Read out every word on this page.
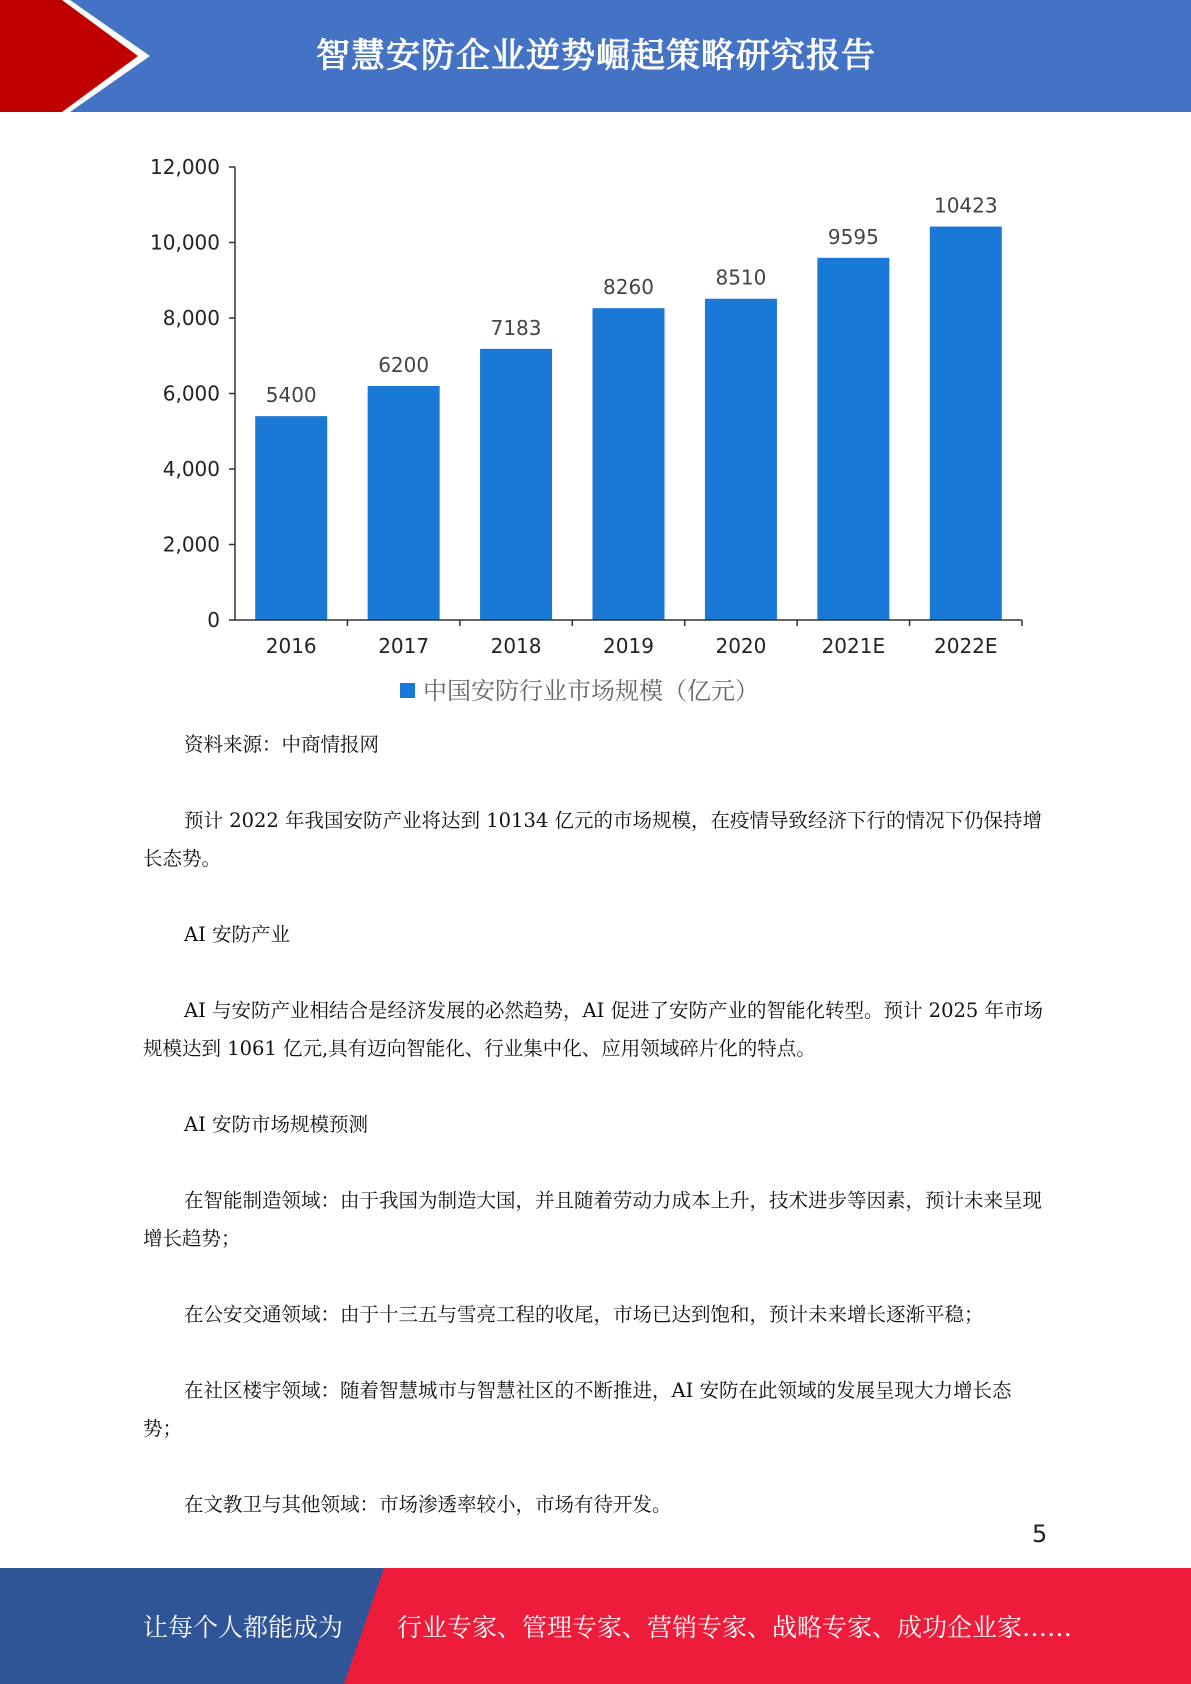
智慧安防企业逆势崛起策略研究报告
0
2,000
4,000
6,000
8,000
10,000
12,000
5400
6200
7183
8260	8510
9595
10423
2016	2017	2018	2019	2020	2021E 2022E
中国安防行业市场规模（亿元）
资料来源：中商情报网
预计 2022 年我国安防产业将达到 10134 亿元的市场规模，在疫情导致经济下行的情况下仍保持增长态势。
AI 安防产业
AI 与安防产业相结合是经济发展的必然趋势，AI 促进了安防产业的智能化转型。预计 2025 年市场规模达到 1061 亿元,具有迈向智能化、行业集中化、应用领域碎片化的特点。
AI 安防市场规模预测
在智能制造领域：由于我国为制造大国，并且随着劳动力成本上升，技术进步等因素，预计未来呈现增长趋势；
在公安交通领域：由于十三五与雪亮工程的收尾，市场已达到饱和，预计未来增长逐渐平稳；
在社区楼宇领域：随着智慧城市与智慧社区的不断推进，AI 安防在此领域的发展呈现大力增长态势；
在文教卫与其他领域：市场渗透率较小，市场有待开发。
5
让每个人都能成为 行业专家、管理专家、营销专家、战略专家、成功企业家……
